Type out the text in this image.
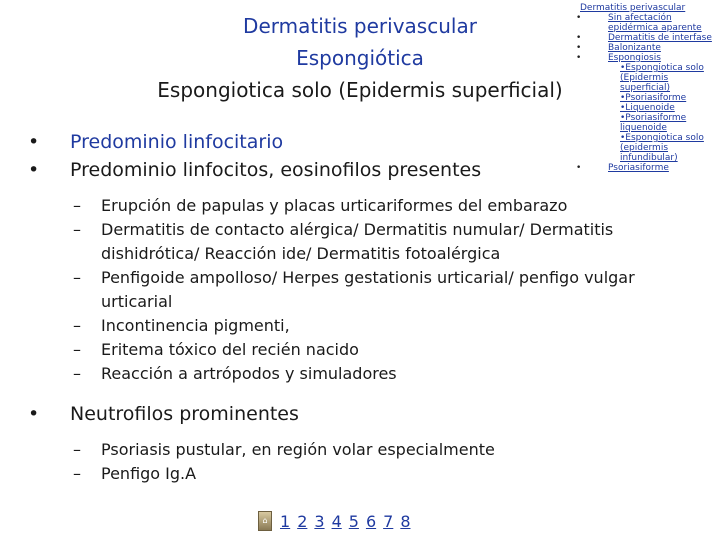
Dermatitis perivascular
Espongiótica
Espongiotica solo (Epidermis superficial)
Dermatitis perivascular
•	Sin afectación epidérmica aparente
•	Dermatitis de interfase
•	Balonizante
•	Espongiosis
•Espongiotica solo (Epidermis superficial)
•Psoriasiforme
•Liquenoide
•Psoriasiforme liquenoide
•Espongiotica solo (epidermis infundibular)
•	Psoriasiforme
• Predominio linfocitario
• Predominio linfocitos, eosinofilos presentes
– Erupción de papulas y placas urticariformes del embarazo
– Dermatitis de contacto alérgica/ Dermatitis numular/ Dermatitis dishidrótica/ Reacción ide/ Dermatitis fotoalérgica
– Penfigoide ampolloso/ Herpes gestationis urticarial/ penfigo vulgar urticarial
– Incontinencia pigmenti,
– Eritema tóxico del recién nacido
– Reacción a artrópodos y simuladores
• Neutrofilos prominentes
– Psoriasis pustular, en región volar especialmente
– Penfigo Ig.A
⌂ 1 2 3 4 5 6 7 8
